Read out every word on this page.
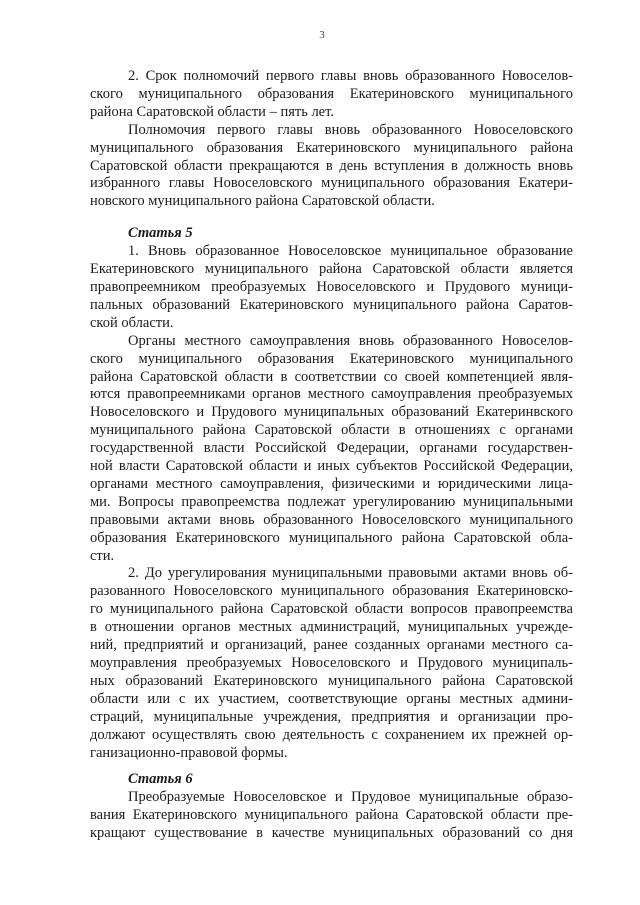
3
2. Срок полномочий первого главы вновь образованного Новоселов-
ского муниципального образования Екатериновского муниципального
района Саратовской области – пять лет.
Полномочия первого главы вновь образованного Новоселовского
муниципального образования Екатериновского муниципального района
Саратовской области прекращаются в день вступления в должность вновь
избранного главы Новоселовского муниципального образования Екатери-
новского муниципального района Саратовской области.
Статья 5
1. Вновь образованное Новоселовское муниципальное образование
Екатериновского муниципального района Саратовской области является
правопреемником преобразуемых Новоселовского и Прудового муници-
пальных образований Екатериновского муниципального района Саратов-
ской области.
Органы местного самоуправления вновь образованного Новоселов-
ского муниципального образования Екатериновского муниципального
района Саратовской области в соответствии со своей компетенцией явля-
ются правопреемниками органов местного самоуправления преобразуемых
Новоселовского и Прудового муниципальных образований Екатеринвского
муниципального района Саратовской области в отношениях с органами
государственной власти Российской Федерации, органами государствен-
ной власти Саратовской области и иных субъектов Российской Федерации,
органами местного самоуправления, физическими и юридическими лица-
ми. Вопросы правопреемства подлежат урегулированию муниципальными
правовыми актами вновь образованного Новоселовского муниципального
образования Екатериновского муниципального района Саратовской обла-
сти.
2. До урегулирования муниципальными правовыми актами вновь об-
разованного Новоселовского муниципального образования Екатериновско-
го муниципального района Саратовской области вопросов правопреемства
в отношении органов местных администраций, муниципальных учрежде-
ний, предприятий и организаций, ранее созданных органами местного са-
моуправления преобразуемых Новоселовского и Прудового муниципаль-
ных образований Екатериновского муниципального района Саратовской
области или с их участием, соответствующие органы местных админи-
страций, муниципальные учреждения, предприятия и организации про-
должают осуществлять свою деятельность с сохранением их прежней ор-
ганизационно-правовой формы.
Статья 6
Преобразуемые Новоселовское и Прудовое муниципальные образо-
вания Екатериновского муниципального района Саратовской области пре-
кращают существование в качестве муниципальных образований со дня
